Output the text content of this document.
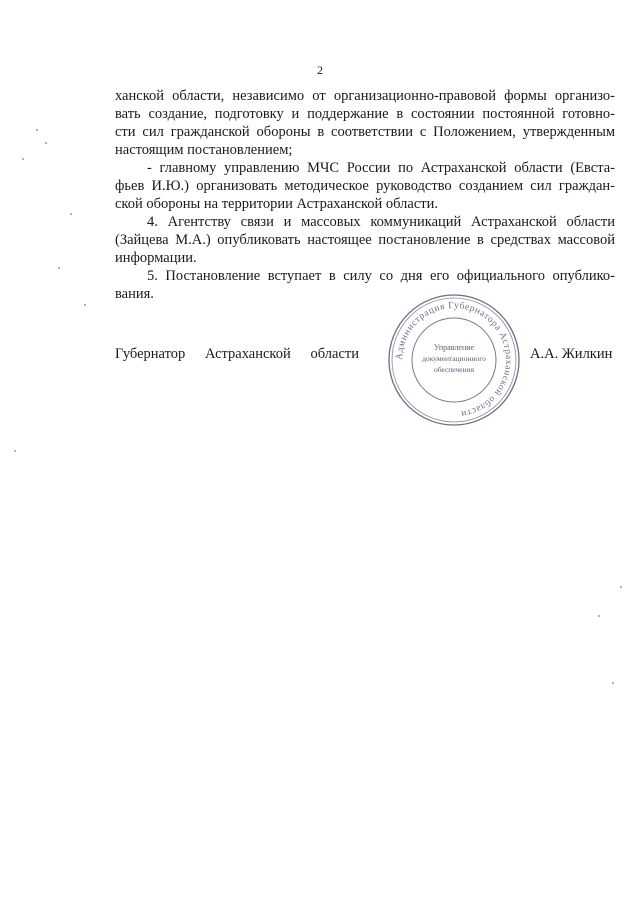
2
ханской области, независимо от организационно-правовой формы организо-
вать создание, подготовку и поддержание в состоянии постоянной готовно-
сти сил гражданской обороны в соответствии с Положением, утвержденным
настоящим постановлением;
- главному управлению МЧС России по Астраханской области (Евста-
фьев И.Ю.) организовать методическое руководство созданием сил граждан-
ской обороны на территории Астраханской области.
4. Агентству связи и массовых коммуникаций Астраханской области
(Зайцева М.А.) опубликовать настоящее постановление в средствах массовой
информации.
5. Постановление вступает в силу со дня его официального опублико-
вания.
Губернатор Астраханской области	Администрация Губернатора Астраханской области
Управление
документационного
обеспечения
А.А. Жилкин
